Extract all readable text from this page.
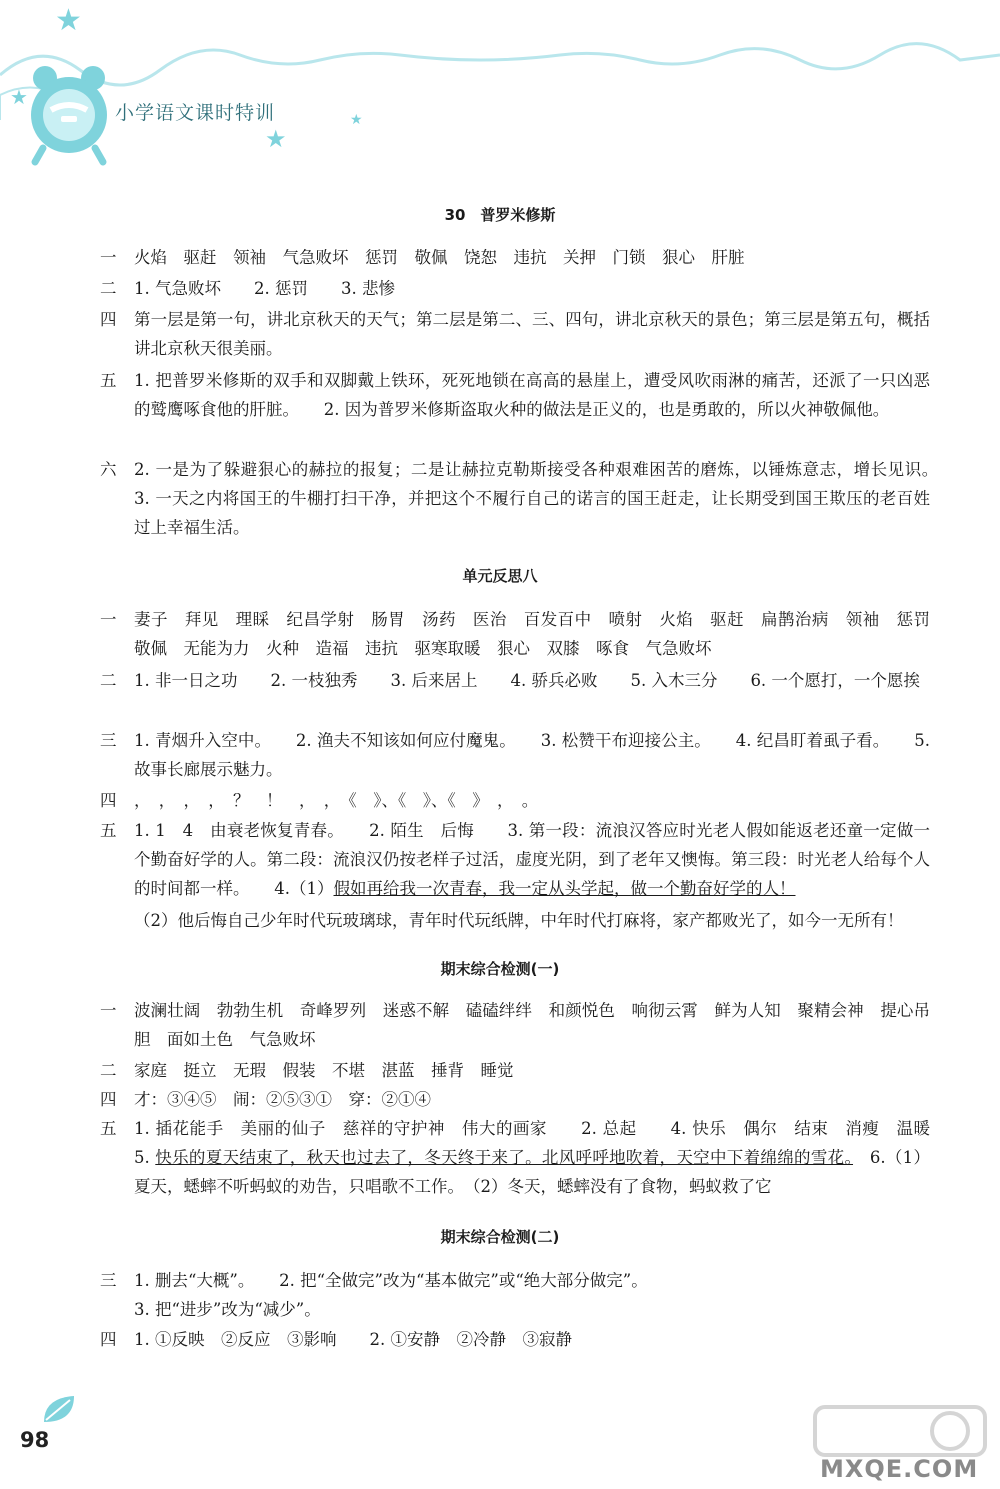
★
★
★
★
小学语文课时特训
30　普罗米修斯
一 火焰　驱赶　领袖　气急败坏　惩罚　敬佩　饶恕　违抗　关押　门锁　狠心　肝脏
二 1. 气急败坏　　2. 惩罚　　3. 悲惨
四 第一层是第一句，讲北京秋天的天气；第二层是第二、三、四句，讲北京秋天的景色；第三层是第五句，概括讲北京秋天很美丽。
五 1. 把普罗米修斯的双手和双脚戴上铁环，死死地锁在高高的悬崖上，遭受风吹雨淋的痛苦，还派了一只凶恶的鹫鹰啄食他的肝脏。　　2. 因为普罗米修斯盗取火种的做法是正义的，也是勇敢的，所以火神敬佩他。
六 2. 一是为了躲避狠心的赫拉的报复；二是让赫拉克勒斯接受各种艰难困苦的磨炼，以锤炼意志，增长见识。　　3. 一天之内将国王的牛棚打扫干净，并把这个不履行自己的诺言的国王赶走，让长期受到国王欺压的老百姓过上幸福生活。
单元反思八
一 妻子　拜见　理睬　纪昌学射　肠胃　汤药　医治　百发百中　喷射　火焰　驱赶　扁鹊治病　领袖　惩罚　敬佩　无能为力　火种　造福　违抗　驱寒取暖　狠心　双膝　啄食　气急败坏
二 1. 非一日之功　　2. 一枝独秀　　3. 后来居上　　4. 骄兵必败　　5. 入木三分　　6. 一个愿打，一个愿挨
三 1. 青烟升入空中。　　2. 渔夫不知该如何应付魔鬼。　　3. 松赞干布迎接公主。　　4. 纪昌盯着虱子看。　　5. 故事长廊展示魅力。
四 ，　，　，　，　？　！　，　，　《　》、《　》、《　》　，　。
五 1. 1　4　由衰老恢复青春。　　2. 陌生　后悔　　3. 第一段：流浪汉答应时光老人假如能返老还童一定做一个勤奋好学的人。第二段：流浪汉仍按老样子过活，虚度光阴，到了老年又懊悔。第三段：时光老人给每个人的时间都一样。　　4.（1）假如再给我一次青春，我一定从头学起，做一个勤奋好学的人！
（2）他后悔自己少年时代玩玻璃球，青年时代玩纸牌，中年时代打麻将，家产都败光了，如今一无所有！
期末综合检测(一)
一 波澜壮阔　勃勃生机　奇峰罗列　迷惑不解　磕磕绊绊　和颜悦色　响彻云霄　鲜为人知　聚精会神　提心吊胆　面如土色　气急败坏
二 家庭　挺立　无瑕　假装　不堪　湛蓝　捶背　睡觉
四 才：③④⑤　闹：②⑤③①　穿：②①④
五 1. 插花能手　美丽的仙子　慈祥的守护神　伟大的画家　　2. 总起　　4. 快乐　偶尔　结束　消瘦　温暖　　5. 快乐的夏天结束了，秋天也过去了，冬天终于来了。北风呼呼地吹着，天空中下着绵绵的雪花。　6.（1）夏天，蟋蟀不听蚂蚁的劝告，只唱歌不工作。　（2）冬天，蟋蟀没有了食物，蚂蚁救了它
期末综合检测(二)
三 1. 删去“大概”。　　2. 把“全做完”改为“基本做完”或“绝大部分做完”。
3. 把“进步”改为“减少”。
四 1. ①反映　②反应　③影响　　2. ①安静　②冷静　③寂静
98
MXQE.COM
